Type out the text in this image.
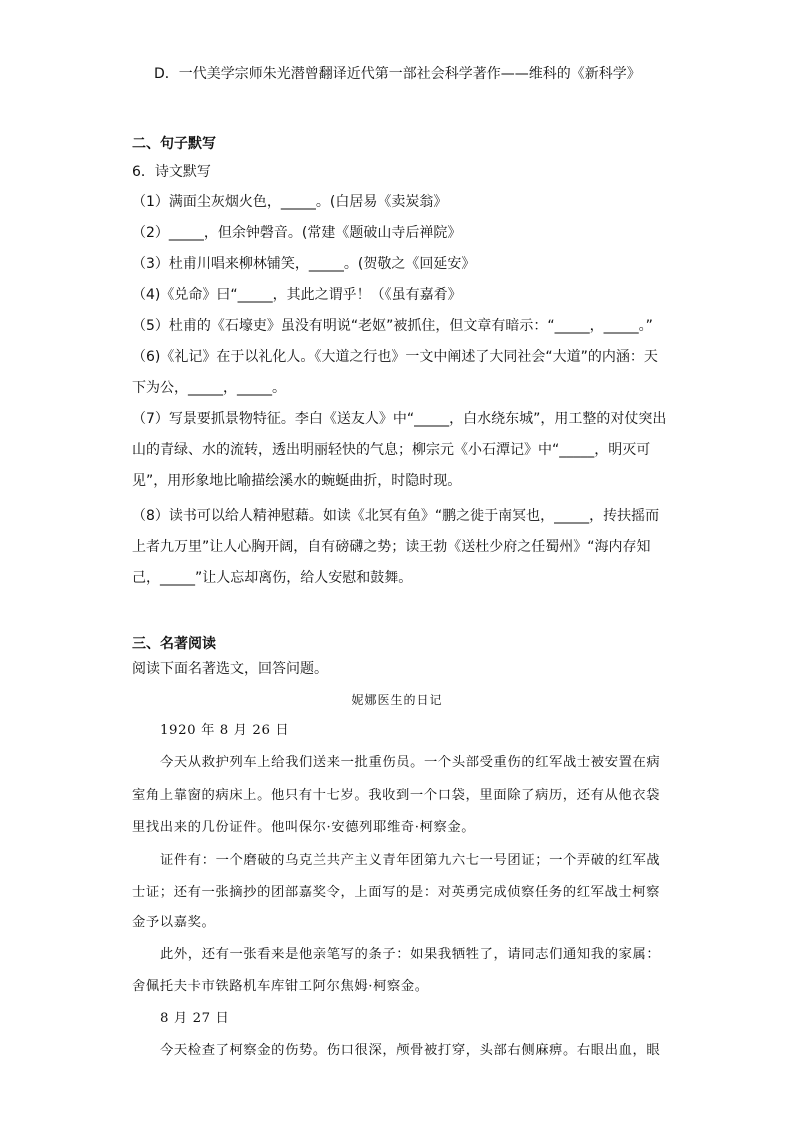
D．一代美学宗师朱光潜曾翻译近代第一部社会科学著作——维科的《新科学》
二、句子默写
6．诗文默写
（1）满面尘灰烟火色，_____。(白居易《卖炭翁》
（2）_____，但余钟磬音。(常建《题破山寺后禅院》
（3）杜甫川唱来柳林铺笑，_____。(贺敬之《回延安》
（4)《兑命》曰“_____，其此之谓乎！（《虽有嘉肴》
（5）杜甫的《石壕吏》虽没有明说“老妪”被抓住，但文章有暗示：“_____，_____。”
（6)《礼记》在于以礼化人。《大道之行也》一文中阐述了大同社会“大道”的内涵：天
下为公，_____，_____。
（7）写景要抓景物特征。李白《送友人》中“_____，白水绕东城”，用工整的对仗突出
山的青绿、水的流转，透出明丽轻快的气息；柳宗元《小石潭记》中“_____，明灭可
见”，用形象地比喻描绘溪水的蜿蜒曲折，时隐时现。
（8）读书可以给人精神慰藉。如读《北冥有鱼》“鹏之徙于南冥也，_____，抟扶摇而
上者九万里”让人心胸开阔，自有磅礴之势；读王勃《送杜少府之任蜀州》“海内存知
己，_____”让人忘却离伤，给人安慰和鼓舞。
三、名著阅读
阅读下面名著选文，回答问题。
妮娜医生的日记
1920 年 8 月 26 日
今天从救护列车上给我们送来一批重伤员。一个头部受重伤的红军战士被安置在病
室角上靠窗的病床上。他只有十七岁。我收到一个口袋，里面除了病历，还有从他衣袋
里找出来的几份证件。他叫保尔·安德列耶维奇·柯察金。
证件有：一个磨破的乌克兰共产主义青年团第九六七一号团证；一个弄破的红军战
士证；还有一张摘抄的团部嘉奖令，上面写的是：对英勇完成侦察任务的红军战士柯察
金予以嘉奖。
此外，还有一张看来是他亲笔写的条子：如果我牺牲了，请同志们通知我的家属：
舍佩托夫卡市铁路机车库钳工阿尔焦姆·柯察金。
8 月 27 日
今天检查了柯察金的伤势。伤口很深，颅骨被打穿，头部右侧麻痹。右眼出血，眼
